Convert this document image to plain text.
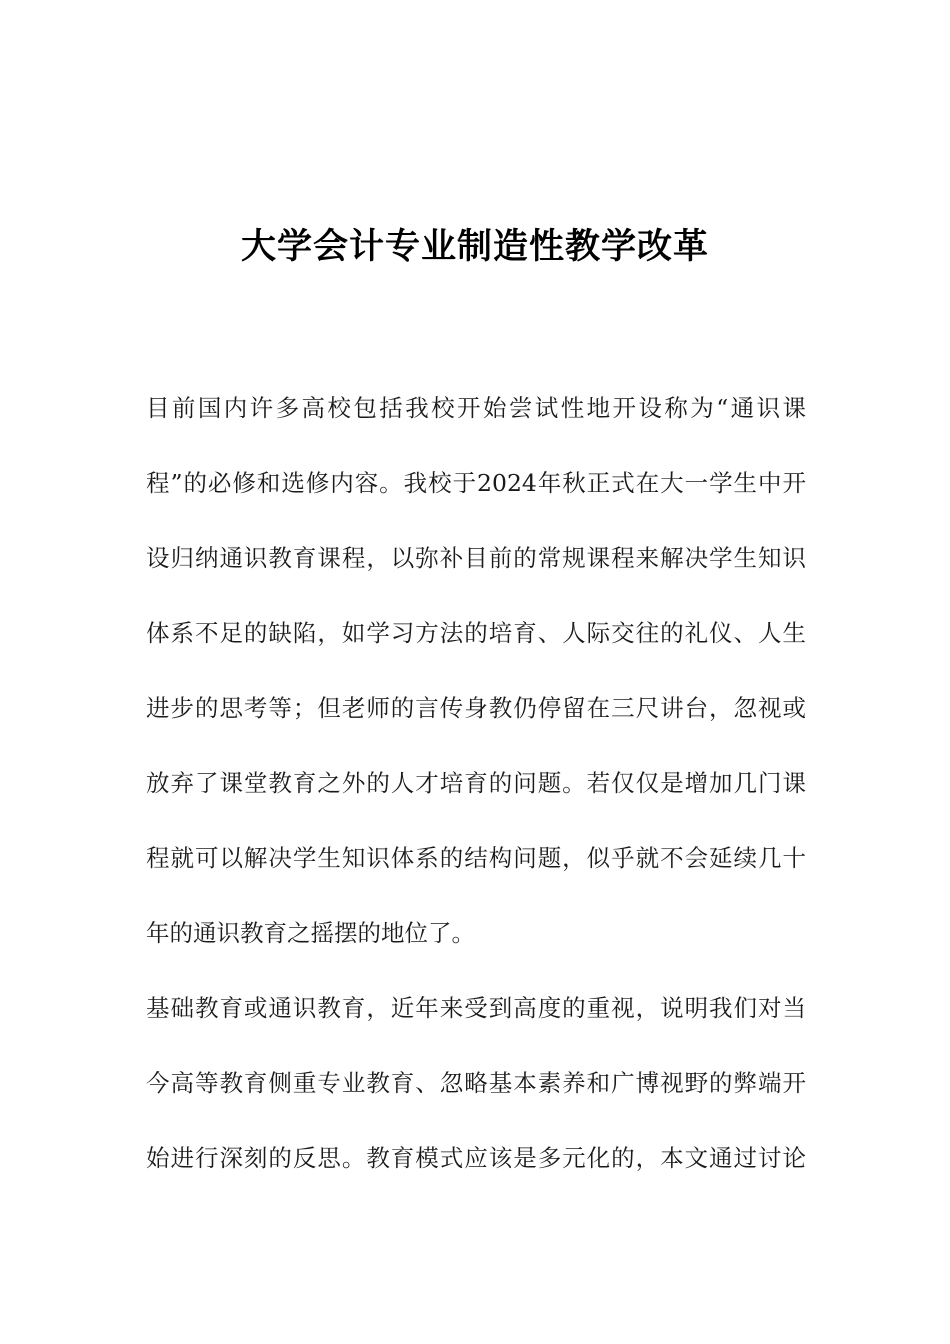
大学会计专业制造性教学改革
目前国内许多高校包括我校开始尝试性地开设称为“通识课
程”的必修和选修内容。我校于2024年秋正式在大一学生中开
设归纳通识教育课程，以弥补目前的常规课程来解决学生知识
体系不足的缺陷，如学习方法的培育、人际交往的礼仪、人生
进步的思考等；但老师的言传身教仍停留在三尺讲台，忽视或
放弃了课堂教育之外的人才培育的问题。若仅仅是增加几门课
程就可以解决学生知识体系的结构问题，似乎就不会延续几十
年的通识教育之摇摆的地位了。
基础教育或通识教育，近年来受到高度的重视，说明我们对当
今高等教育侧重专业教育、忽略基本素养和广博视野的弊端开
始进行深刻的反思。教育模式应该是多元化的，本文通过讨论
